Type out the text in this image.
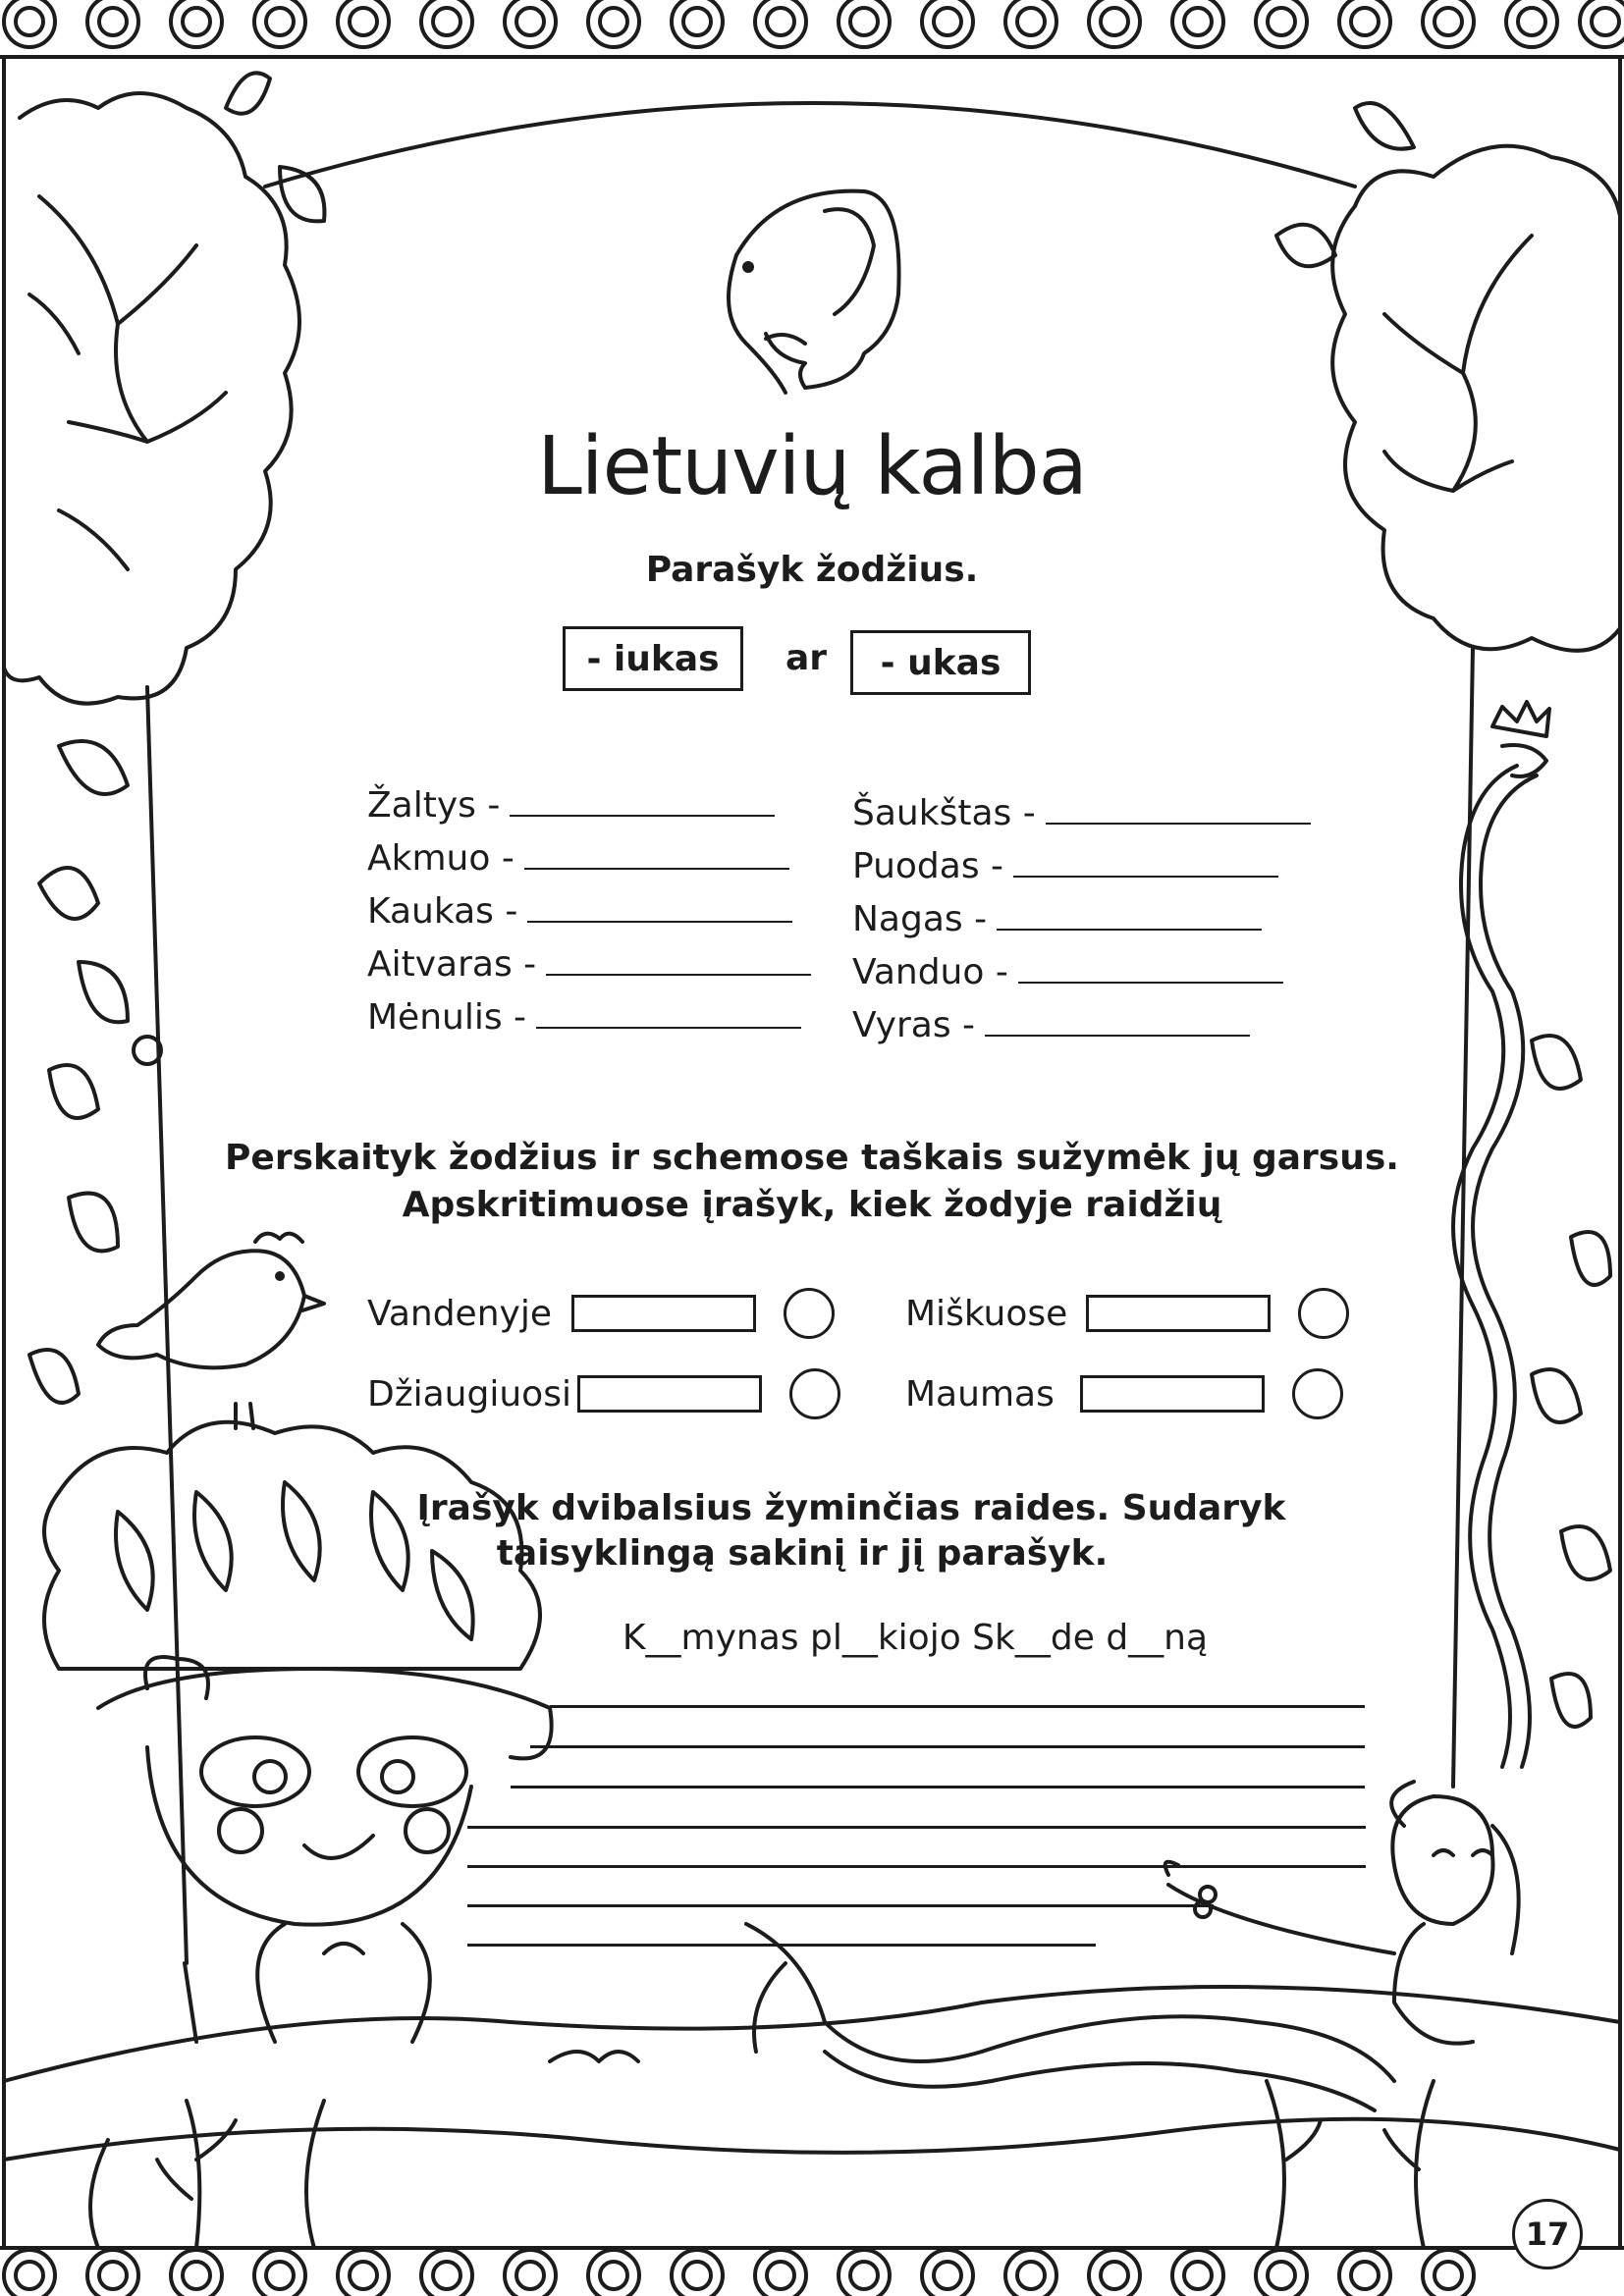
Lietuvių kalba
Parašyk žodžius.
- iukas	ar	- ukas
Žaltys -
Akmuo -
Kaukas -
Aitvaras -
Mėnulis -
Šaukštas -
Puodas -
Nagas -
Vanduo -
Vyras -
Perskaityk žodžius ir schemose taškais sužymėk jų garsus.
Apskritimuose įrašyk, kiek žodyje raidžių
Vandenyje
Džiaugiuosi
Miškuose
Maumas
Įrašyk dvibalsius žyminčias raides. Sudaryk
taisyklingą sakinį ir jį parašyk.
K__mynas pl__kiojo Sk__de d__ną
17
